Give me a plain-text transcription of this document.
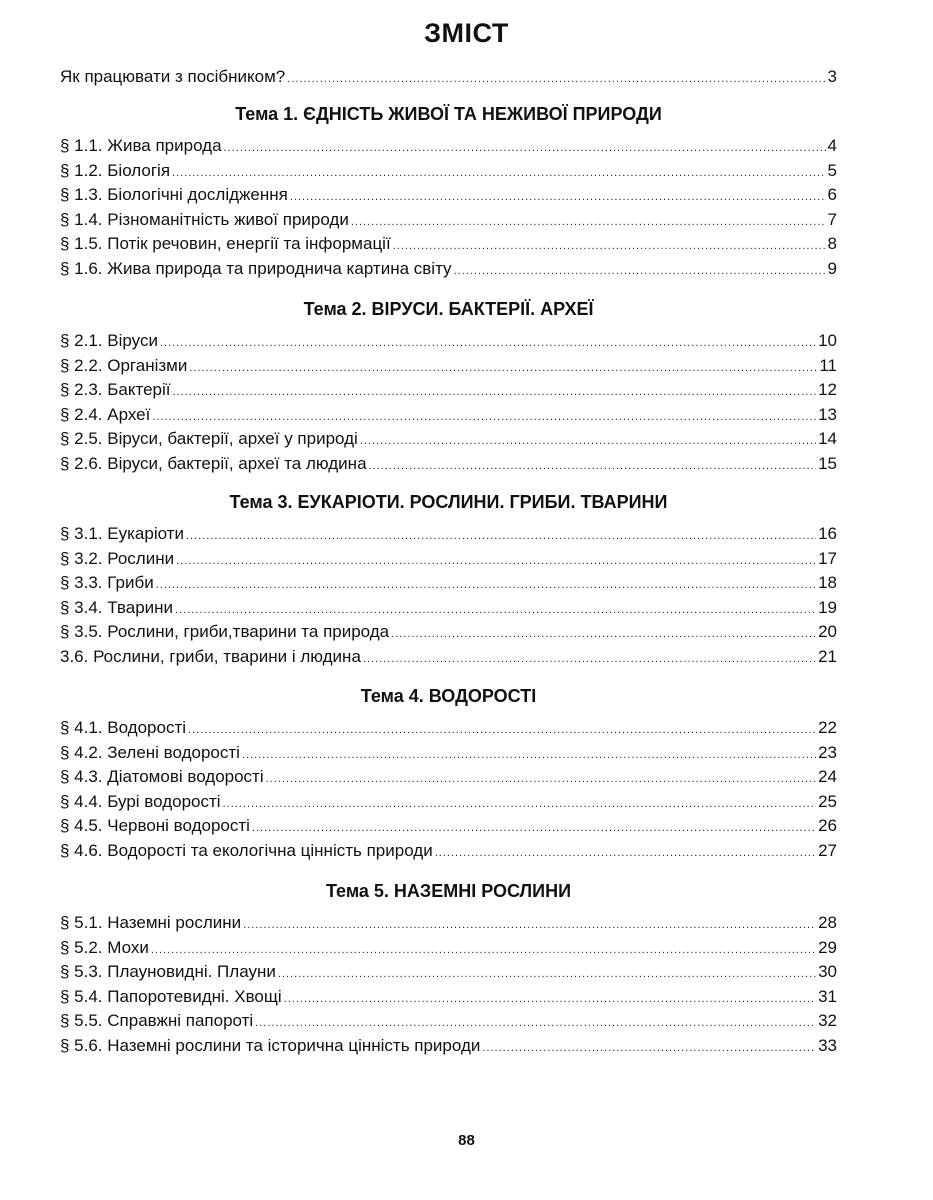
ЗМІСТ
Як працювати з посібником? .....	3
Тема 1. ЄДНІСТЬ ЖИВОЇ ТА НЕЖИВОЇ ПРИРОДИ
§ 1.1. Жива природа .....	4
§ 1.2. Біологія .....	5
§ 1.3. Біологічні дослідження .....	6
§ 1.4. Різноманітність живої природи .....	7
§ 1.5. Потік речовин, енергії та інформації .....	8
§ 1.6. Жива природа та природнича картина світу .....	9
Тема 2. ВІРУСИ. БАКТЕРІЇ. АРХЕЇ
§ 2.1. Віруси .....	10
§ 2.2. Організми .....	11
§ 2.3. Бактерії .....	12
§ 2.4. Археї .....	13
§ 2.5. Віруси, бактерії, археї у природі .....	14
§ 2.6. Віруси, бактерії, археї та людина .....	15
Тема 3. ЕУКАРІОТИ. РОСЛИНИ. ГРИБИ. ТВАРИНИ
§ 3.1. Еукаріоти .....	16
§ 3.2. Рослини .....	17
§ 3.3. Гриби .....	18
§ 3.4. Тварини .....	19
§ 3.5. Рослини, гриби,тварини та природа .....	20
3.6. Рослини, гриби, тварини і людина .....	21
Тема 4. ВОДОРОСТІ
§ 4.1. Водорості .....	22
§ 4.2. Зелені водорості .....	23
§ 4.3. Діатомові водорості .....	24
§ 4.4. Бурі водорості .....	25
§ 4.5. Червоні водорості .....	26
§ 4.6. Водорості та екологічна цінність природи .....	27
Тема 5. НАЗЕМНІ РОСЛИНИ
§ 5.1. Наземні рослини .....	28
§ 5.2. Мохи .....	29
§ 5.3. Плауновидні. Плауни .....	30
§ 5.4. Папоротевидні. Хвощі .....	31
§ 5.5. Справжні папороті .....	32
§ 5.6. Наземні рослини та історична цінність природи .....	33
88
